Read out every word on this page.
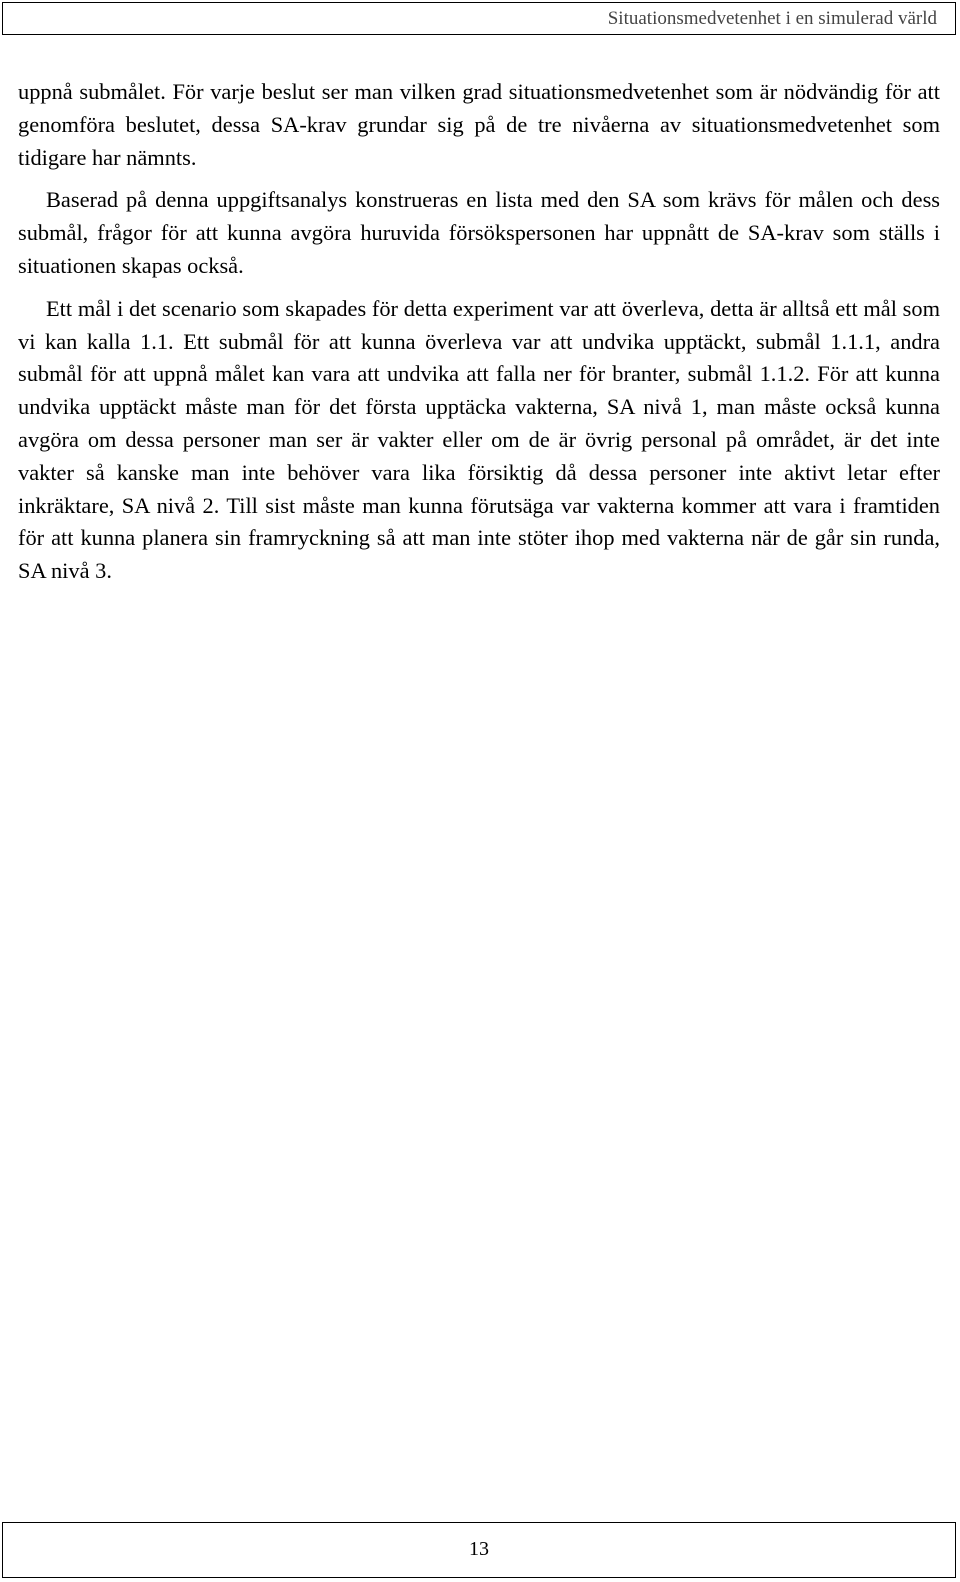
Situationsmedvetenhet i en simulerad värld

uppnå submålet. För varje beslut ser man vilken grad situationsmedvetenhet som är nödvändig för att genomföra beslutet, dessa SA-krav grundar sig på de tre nivåerna av situationsmedvetenhet som tidigare har nämnts.

Baserad på denna uppgiftsanalys konstrueras en lista med den SA som krävs för målen och dess submål, frågor för att kunna avgöra huruvida försökspersonen har uppnått de SA-krav som ställs i situationen skapas också.

Ett mål i det scenario som skapades för detta experiment var att överleva, detta är alltså ett mål som vi kan kalla 1.1. Ett submål för att kunna överleva var att undvika upptäckt, submål 1.1.1, andra submål för att uppnå målet kan vara att undvika att falla ner för branter, submål 1.1.2. För att kunna undvika upptäckt måste man för det första upptäcka vakterna, SA nivå 1, man måste också kunna avgöra om dessa personer man ser är vakter eller om de är övrig personal på området, är det inte vakter så kanske man inte behöver vara lika försiktig då dessa personer inte aktivt letar efter inkräktare, SA nivå 2. Till sist måste man kunna förutsäga var vakterna kommer att vara i framtiden för att kunna planera sin framryckning så att man inte stöter ihop med vakterna när de går sin runda, SA nivå 3.

13
